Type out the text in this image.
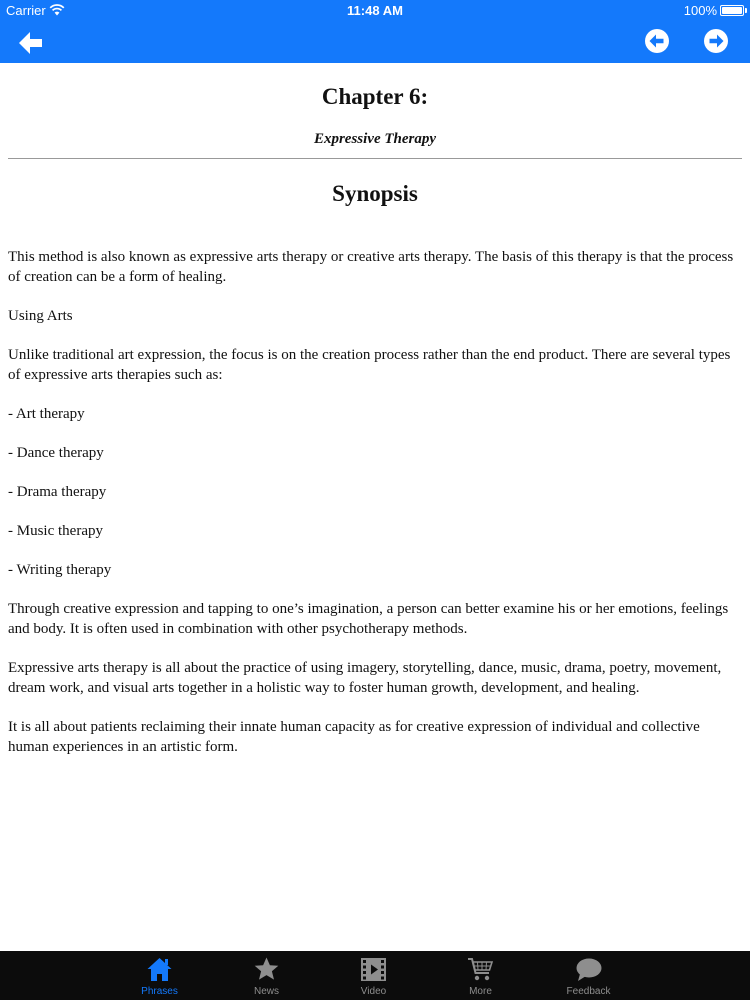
Carrier	11:48 AM	100%
Chapter 6:
Expressive Therapy
Synopsis

This method is also known as expressive arts therapy or creative arts therapy. The basis of this therapy is that the process of creation can be a form of healing.

Using Arts

Unlike traditional art expression, the focus is on the creation process rather than the end product. There are several types of expressive arts therapies such as:

- Art therapy

- Dance therapy

- Drama therapy

- Music therapy

- Writing therapy

Through creative expression and tapping to one’s imagination, a person can better examine his or her emotions, feelings and body. It is often used in combination with other psychotherapy methods.

Expressive arts therapy is all about the practice of using imagery, storytelling, dance, music, drama, poetry, movement, dream work, and visual arts together in a holistic way to foster human growth, development, and healing.

It is all about patients reclaiming their innate human capacity as for creative expression of individual and collective human experiences in an artistic form.

Phrases	News	Video	More	Feedback
